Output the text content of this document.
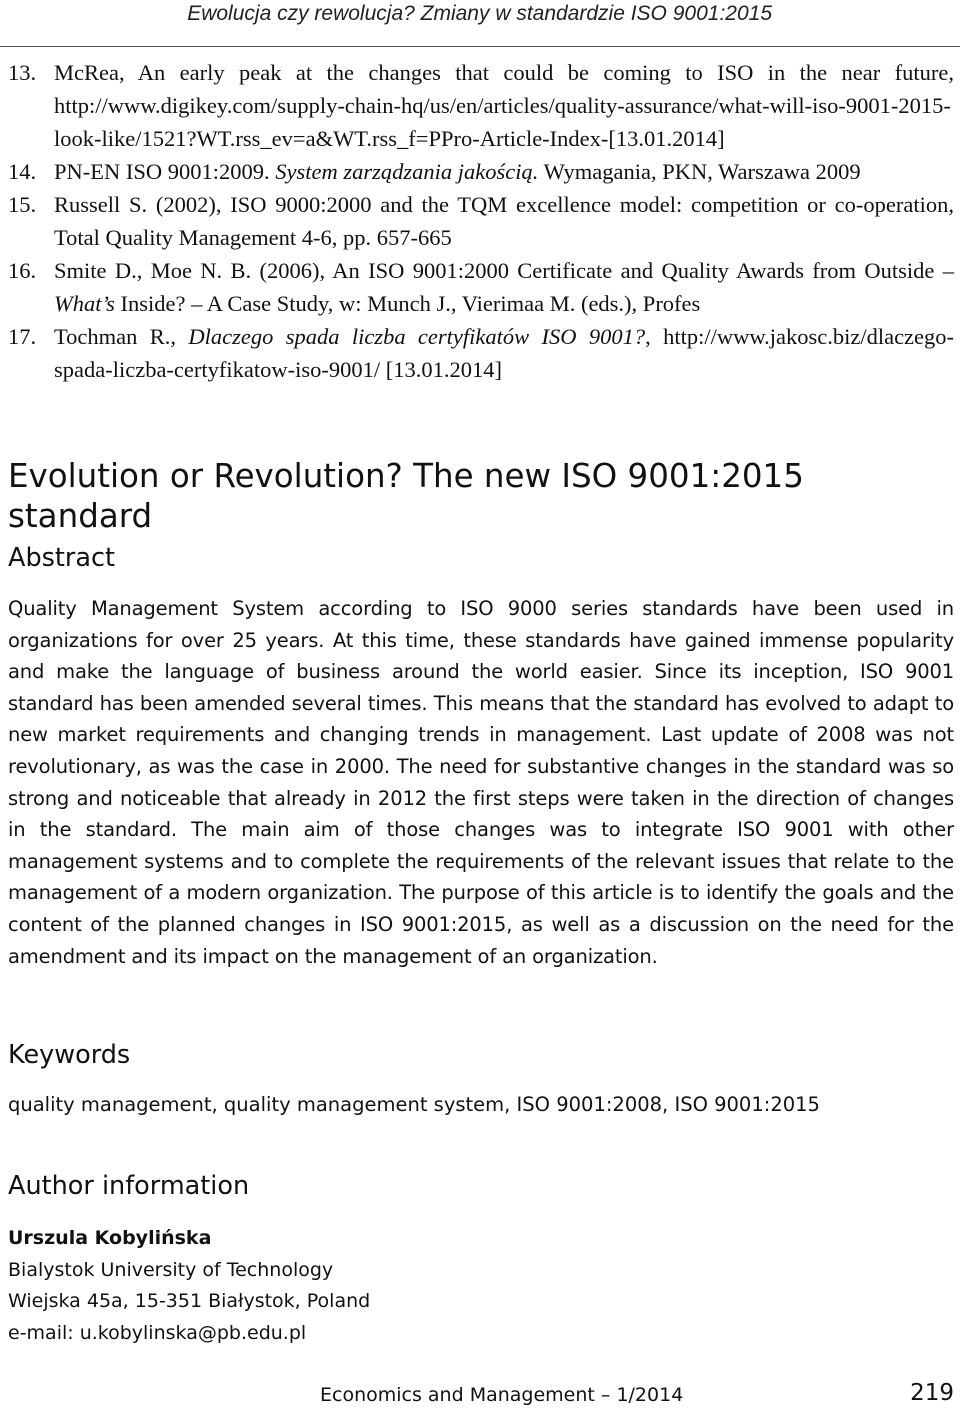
Ewolucja czy rewolucja? Zmiany w standardzie ISO 9001:2015
13. McRea, An early peak at the changes that could be coming to ISO in the near future, http://www.digikey.com/supply-chain-hq/us/en/articles/quality-assurance/what-will-iso-9001-2015-look-like/1521?WT.rss_ev=a&WT.rss_f=PPro-Article-Index-[13.01.2014]
14. PN-EN ISO 9001:2009. System zarządzania jakością. Wymagania, PKN, Warszawa 2009
15. Russell S. (2002), ISO 9000:2000 and the TQM excellence model: competition or co-operation, Total Quality Management 4-6, pp. 657-665
16. Smite D., Moe N. B. (2006), An ISO 9001:2000 Certificate and Quality Awards from Outside – What’s Inside? – A Case Study, w: Munch J., Vierimaa M. (eds.), Profes
17. Tochman R., Dlaczego spada liczba certyfikatów ISO 9001?, http://www.jakosc.biz/dlaczego-spada-liczba-certyfikatow-iso-9001/ [13.01.2014]
Evolution or Revolution? The new ISO 9001:2015 standard
Abstract

Quality Management System according to ISO 9000 series standards have been used in organizations for over 25 years. At this time, these standards have gained immense popularity and make the language of business around the world easier. Since its inception, ISO 9001 standard has been amended several times. This means that the standard has evolved to adapt to new market requirements and changing trends in management. Last update of 2008 was not revolutionary, as was the case in 2000. The need for substantive changes in the standard was so strong and noticeable that already in 2012 the first steps were taken in the direction of changes in the standard. The main aim of those changes was to integrate ISO 9001 with other management systems and to complete the requirements of the relevant issues that relate to the management of a modern organization. The purpose of this article is to identify the goals and the content of the planned changes in ISO 9001:2015, as well as a discussion on the need for the amendment and its impact on the management of an organization.

Keywords

quality management, quality management system, ISO 9001:2008, ISO 9001:2015

Author information
Urszula Kobylińska
Bialystok University of Technology
Wiejska 45a, 15-351 Białystok, Poland
e-mail: u.kobylinska@pb.edu.pl
Economics and Management – 1/2014	219
